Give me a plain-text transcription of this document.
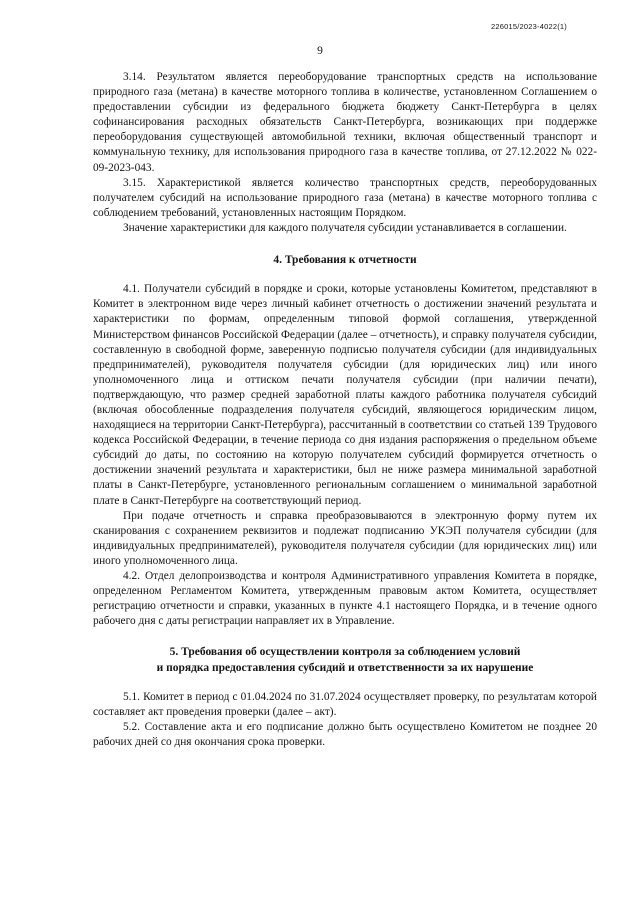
226015/2023-4022(1)
9

3.14. Результатом является переоборудование транспортных средств на использование природного газа (метана) в качестве моторного топлива в количестве, установленном Соглашением о предоставлении субсидии из федерального бюджета бюджету Санкт-Петербурга в целях софинансирования расходных обязательств Санкт-Петербурга, возникающих при поддержке переоборудования существующей автомобильной техники, включая общественный транспорт и коммунальную технику, для использования природного газа в качестве топлива, от 27.12.2022 № 022-09-2023-043.

3.15. Характеристикой является количество транспортных средств, переоборудованных получателем субсидий на использование природного газа (метана) в качестве моторного топлива с соблюдением требований, установленных настоящим Порядком.

Значение характеристики для каждого получателя субсидии устанавливается в соглашении.

4. Требования к отчетности

4.1. Получатели субсидий в порядке и сроки, которые установлены Комитетом, представляют в Комитет в электронном виде через личный кабинет отчетность о достижении значений результата и характеристики по формам, определенным типовой формой соглашения, утвержденной Министерством финансов Российской Федерации (далее – отчетность), и справку получателя субсидии, составленную в свободной форме, заверенную подписью получателя субсидии (для индивидуальных предпринимателей), руководителя получателя субсидии (для юридических лиц) или иного уполномоченного лица и оттиском печати получателя субсидии (при наличии печати), подтверждающую, что размер средней заработной платы каждого работника получателя субсидий (включая обособленные подразделения получателя субсидий, являющегося юридическим лицом, находящиеся на территории Санкт-Петербурга), рассчитанный в соответствии со статьей 139 Трудового кодекса Российской Федерации, в течение периода со дня издания распоряжения о предельном объеме субсидий до даты, по состоянию на которую получателем субсидий формируется отчетность о достижении значений результата и характеристики, был не ниже размера минимальной заработной платы в Санкт-Петербурге, установленного региональным соглашением о минимальной заработной плате в Санкт-Петербурге на соответствующий период.

При подаче отчетность и справка преобразовываются в электронную форму путем их сканирования с сохранением реквизитов и подлежат подписанию УКЭП получателя субсидии (для индивидуальных предпринимателей), руководителя получателя субсидии (для юридических лиц) или иного уполномоченного лица.

4.2. Отдел делопроизводства и контроля Административного управления Комитета в порядке, определенном Регламентом Комитета, утвержденным правовым актом Комитета, осуществляет регистрацию отчетности и справки, указанных в пункте 4.1 настоящего Порядка, и в течение одного рабочего дня с даты регистрации направляет их в Управление.

5. Требования об осуществлении контроля за соблюдением условий
и порядка предоставления субсидий и ответственности за их нарушение

5.1. Комитет в период с 01.04.2024 по 31.07.2024 осуществляет проверку, по результатам которой составляет акт проведения проверки (далее – акт).

5.2. Составление акта и его подписание должно быть осуществлено Комитетом не позднее 20 рабочих дней со дня окончания срока проверки.
